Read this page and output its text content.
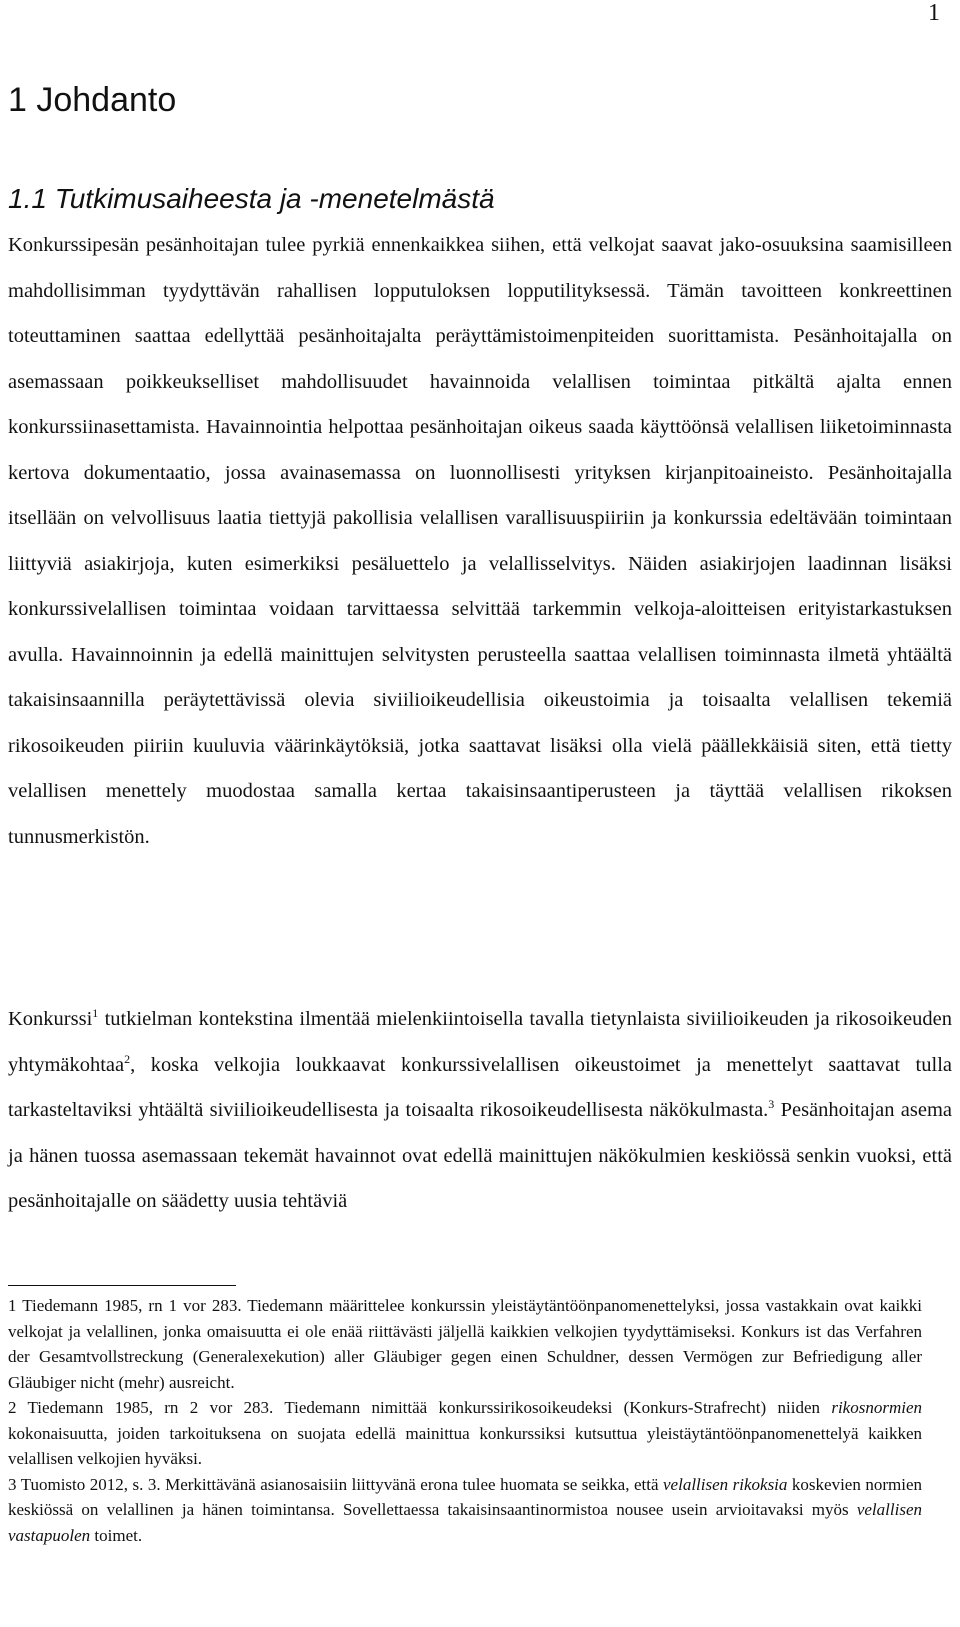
1
1 Johdanto
1.1 Tutkimusaiheesta ja -menetelmästä

Konkurssipesän pesänhoitajan tulee pyrkiä ennenkaikkea siihen, että velkojat saavat jako-osuuksina saamisilleen mahdollisimman tyydyttävän rahallisen lopputuloksen lopputilityksessä. Tämän tavoitteen konkreettinen toteuttaminen saattaa edellyttää pesänhoitajalta peräyttämistoimenpiteiden suorittamista. Pesänhoitajalla on asemassaan poikkeukselliset mahdollisuudet havainnoida velallisen toimintaa pitkältä ajalta ennen konkurssiinasettamista. Havainnointia helpottaa pesänhoitajan oikeus saada käyttöönsä velallisen liiketoiminnasta kertova dokumentaatio, jossa avainasemassa on luonnollisesti yrityksen kirjanpitoaineisto. Pesänhoitajalla itsellään on velvollisuus laatia tiettyjä pakollisia velallisen varallisuuspiiriin ja konkurssia edeltävään toimintaan liittyviä asiakirjoja, kuten esimerkiksi pesäluettelo ja velallisselvitys. Näiden asiakirjojen laadinnan lisäksi konkurssivelallisen toimintaa voidaan tarvittaessa selvittää tarkemmin velkoja-aloitteisen erityistarkastuksen avulla. Havainnoinnin ja edellä mainittujen selvitysten perusteella saattaa velallisen toiminnasta ilmetä yhtäältä takaisinsaannilla peräytettävissä olevia siviilioikeudellisia oikeustoimia ja toisaalta velallisen tekemiä rikosoikeuden piiriin kuuluvia väärinkäytöksiä, jotka saattavat lisäksi olla vielä päällekkäisiä siten, että tietty velallisen menettely muodostaa samalla kertaa takaisinsaantiperusteen ja täyttää velallisen rikoksen tunnusmerkistön.

Konkurssi$^1$ tutkielman kontekstina ilmentää mielenkiintoisella tavalla tietynlaista siviilioikeuden ja rikosoikeuden yhtymäkohtaa$^2$, koska velkojia loukkaavat konkurssivelallisen oikeustoimet ja menettelyt saattavat tulla tarkasteltaviksi yhtäältä siviilioikeudellisesta ja toisaalta rikosoikeudellisesta näkökulmasta.$^3$ Pesänhoitajan asema ja hänen tuossa asemassaan tekemät havainnot ovat edellä mainittujen näkökulmien keskiössä senkin vuoksi, että pesänhoitajalle on säädetty uusia tehtäviä

1 Tiedemann 1985, rn 1 vor 283. Tiedemann määrittelee konkurssin yleistäytäntöönpanomenettelyksi, jossa vastakkain ovat kaikki velkojat ja velallinen, jonka omaisuutta ei ole enää riittävästi jäljellä kaikkien velkojien tyydyttämiseksi. Konkurs ist das Verfahren der Gesamtvollstreckung (Generalexekution) aller Gläubiger gegen einen Schuldner, dessen Vermögen zur Befriedigung aller Gläubiger nicht (mehr) ausreicht.

2 Tiedemann 1985, rn 2 vor 283. Tiedemann nimittää konkurssirikosoikeudeksi (Konkurs-Strafrecht) niiden rikosnormien kokonaisuutta, joiden tarkoituksena on suojata edellä mainittua konkurssiksi kutsuttua yleistäytäntöönpanomenettelyä kaikken velallisen velkojien hyväksi.

3 Tuomisto 2012, s. 3. Merkittävänä asianosaisiin liittyvänä erona tulee huomata se seikka, että velallisen rikoksia koskevien normien keskiössä on velallinen ja hänen toimintansa. Sovellettaessa takaisinsaantinormistoa nousee usein arvioitavaksi myös velallisen vastapuolen toimet.
